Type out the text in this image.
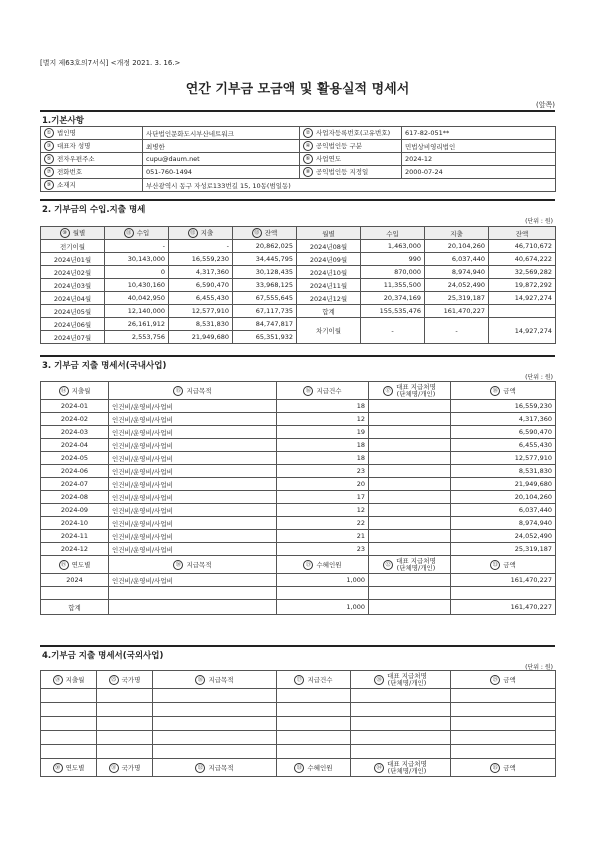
[별지 제63호의7서식] <개정 2021. 3. 16.>
연간 기부금 모금액 및 활용실적 명세서
(앞쪽)
1.기본사항
① 법인명	사단법인문화도시부산네트워크	② 사업자등록번호(고유번호)	617-82-051**
③ 대표자 성명	최병한	④ 공익법인등 구분	민법상비영리법인
⑤ 전자우편주소	cupu@daum.net	⑥ 사업연도	2024-12
⑦ 전화번호	051-760-1494	⑧ 공익법인등 지정일	2000-07-24
⑨ 소재지	부산광역시 동구 자성로133번길 15, 10동(범일동)		
2. 기부금의 수입.지출 명세
(단위 : 원)
⑩ 월별	⑪ 수입	⑫ 지출	⑬ 잔액	월별	수입	지출	잔액
전기이월	-	-	20,862,025	2024년08월	1,463,000	20,104,260	46,710,672
2024년01월	30,143,000	16,559,230	34,445,795	2024년09월	990	6,037,440	40,674,222
2024년02월	0	4,317,360	30,128,435	2024년10월	870,000	8,974,940	32,569,282
2024년03월	10,430,160	6,590,470	33,968,125	2024년11월	11,355,500	24,052,490	19,872,292
2024년04월	40,042,950	6,455,430	67,555,645	2024년12월	20,374,169	25,319,187	14,927,274
2024년05월	12,140,000	12,577,910	67,117,735	합계	155,535,476	161,470,227	
2024년06월	26,161,912	8,531,830	84,747,817	차기이월	-	-	14,927,274
2024년07월	2,553,756	21,949,680	65,351,932				
3. 기부금 지출 명세서(국내사업)
(단위 : 원)
⑭ 지출월	⑮ 지급목적	⑯ 지급건수	⑰ 대표 지급처명
(단체명/개인)	⑱ 금액
2024-01	인건비/운영비/사업비	18		16,559,230
2024-02	인건비/운영비/사업비	12		4,317,360
2024-03	인건비/운영비/사업비	19		6,590,470
2024-04	인건비/운영비/사업비	18		6,455,430
2024-05	인건비/운영비/사업비	18		12,577,910
2024-06	인건비/운영비/사업비	23		8,531,830
2024-07	인건비/운영비/사업비	20		21,949,680
2024-08	인건비/운영비/사업비	17		20,104,260
2024-09	인건비/운영비/사업비	12		6,037,440
2024-10	인건비/운영비/사업비	22		8,974,940
2024-11	인건비/운영비/사업비	21		24,052,490
2024-12	인건비/운영비/사업비	23		25,319,187
⑲ 연도별	⑳ 지급목적	㉑ 수혜인원	㉒ 대표 지급처명
(단체명/개인)	㉓ 금액
2024	인건비/운영비/사업비	1,000		161,470,227

합계		1,000		161,470,227
4.기부금 지출 명세서(국외사업)
(단위 : 원)
㉔ 지출월	㉕ 국가명	㉖ 지급목적	㉗ 지급건수	㉘ 대표 지급처명
(단체명/개인)	㉙ 금액

㉚ 연도별	㉛ 국가명	㉜ 지급목적	㉝ 수혜인원	㉞ 대표 지급처명
(단체명/개인)	㉟ 금액
